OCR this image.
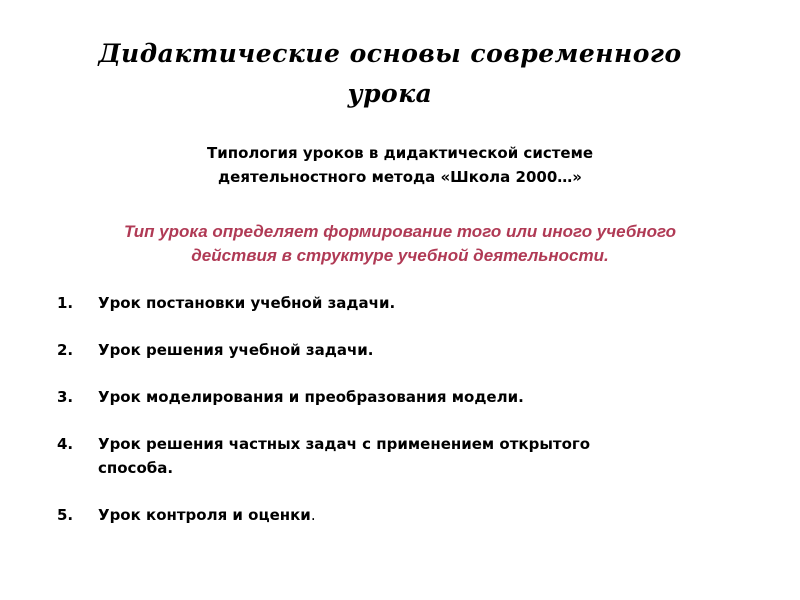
Дидактические основы современного
урока
Типология уроков в дидактической системе
деятельностного метода «Школа 2000…»
Тип урока определяет формирование того или иного учебного
действия в структуре учебной деятельности.
1.	Урок постановки учебной задачи.
2.	Урок решения учебной задачи.
3.	Урок моделирования и преобразования модели.
4.	Урок решения частных задач с применением открытого
способа.
5.	Урок контроля и оценки.
